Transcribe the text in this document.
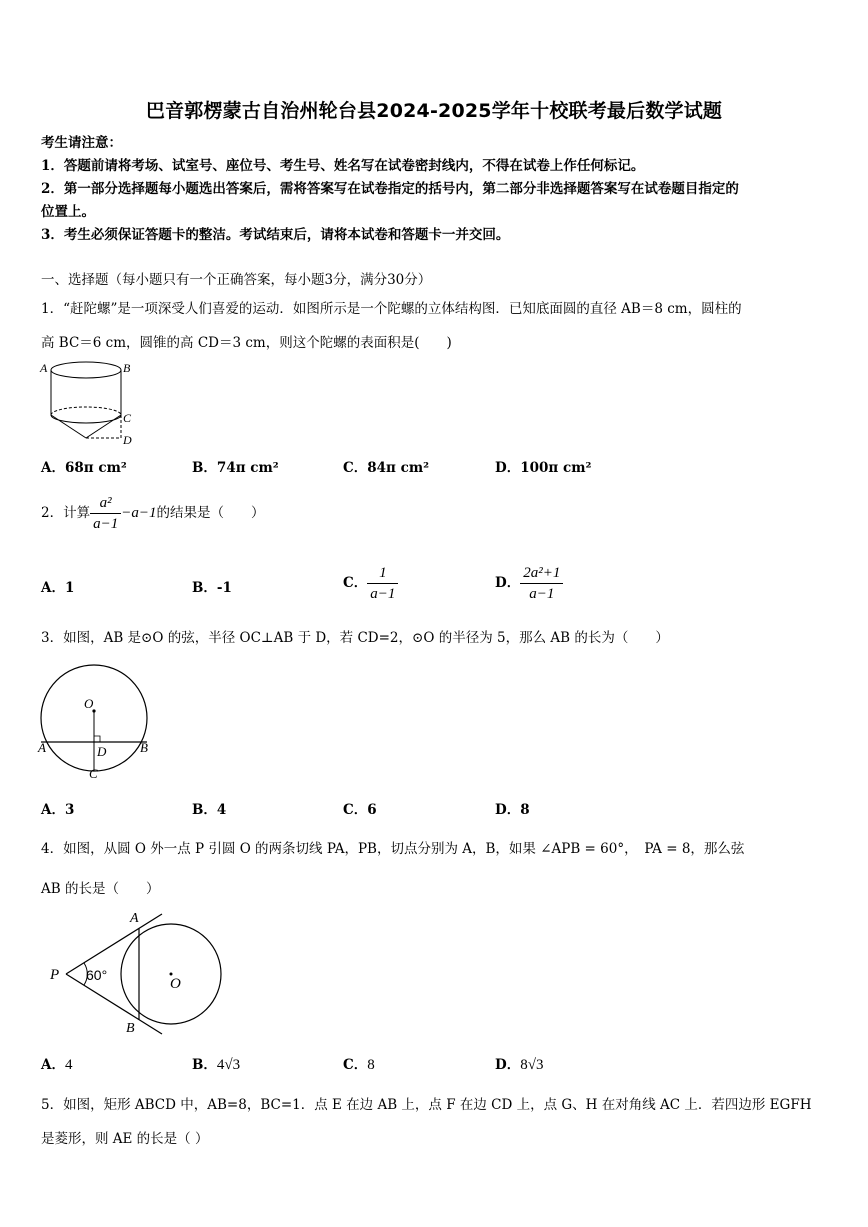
巴音郭楞蒙古自治州轮台县2024-2025学年十校联考最后数学试题
考生请注意：
1．答题前请将考场、试室号、座位号、考生号、姓名写在试卷密封线内，不得在试卷上作任何标记。
2．第一部分选择题每小题选出答案后，需将答案写在试卷指定的括号内，第二部分非选择题答案写在试卷题目指定的
位置上。
3．考生必须保证答题卡的整洁。考试结束后，请将本试卷和答题卡一并交回。
一、选择题（每小题只有一个正确答案，每小题3分，满分30分）
1．“赶陀螺”是一项深受人们喜爱的运动．如图所示是一个陀螺的立体结构图．已知底面圆的直径 AB＝8 cm，圆柱的
高 BC＝6 cm，圆锥的高 CD＝3 cm，则这个陀螺的表面积是(　　)
A	B
C
D
A．68π cm²	B．74π cm²	C．84π cm²	D．100π cm²
2．计算 $\frac{\text{a²}}{a-1} -a-1$的结果是（　　）
A．1	B．-1	C． $\frac{1}{a-1}$	D． $\frac{\text{2a²+1}}{a-1}$
3．如图，AB 是⊙O 的弦，半径 OC⊥AB 于 D，若 CD=2，⊙O 的半径为 5，那么 AB 的长为（　　）
O
A	B
D
C
A．3	B．4	C．6	D．8
4．如图，从圆 O 外一点 P 引圆 O 的两条切线 PA，PB，切点分别为 A，B，如果 ∠APB = 60°，　PA = 8，那么弦
AB 的长是（　　）
P
A
B
O
60°
A．4	B．4√3	C．8	D．8√3
5．如图，矩形 ABCD 中，AB=8，BC=1．点 E 在边 AB 上，点 F 在边 CD 上，点 G、H 在对角线 AC 上．若四边形 EGFH
是菱形，则 AE 的长是（ ）
